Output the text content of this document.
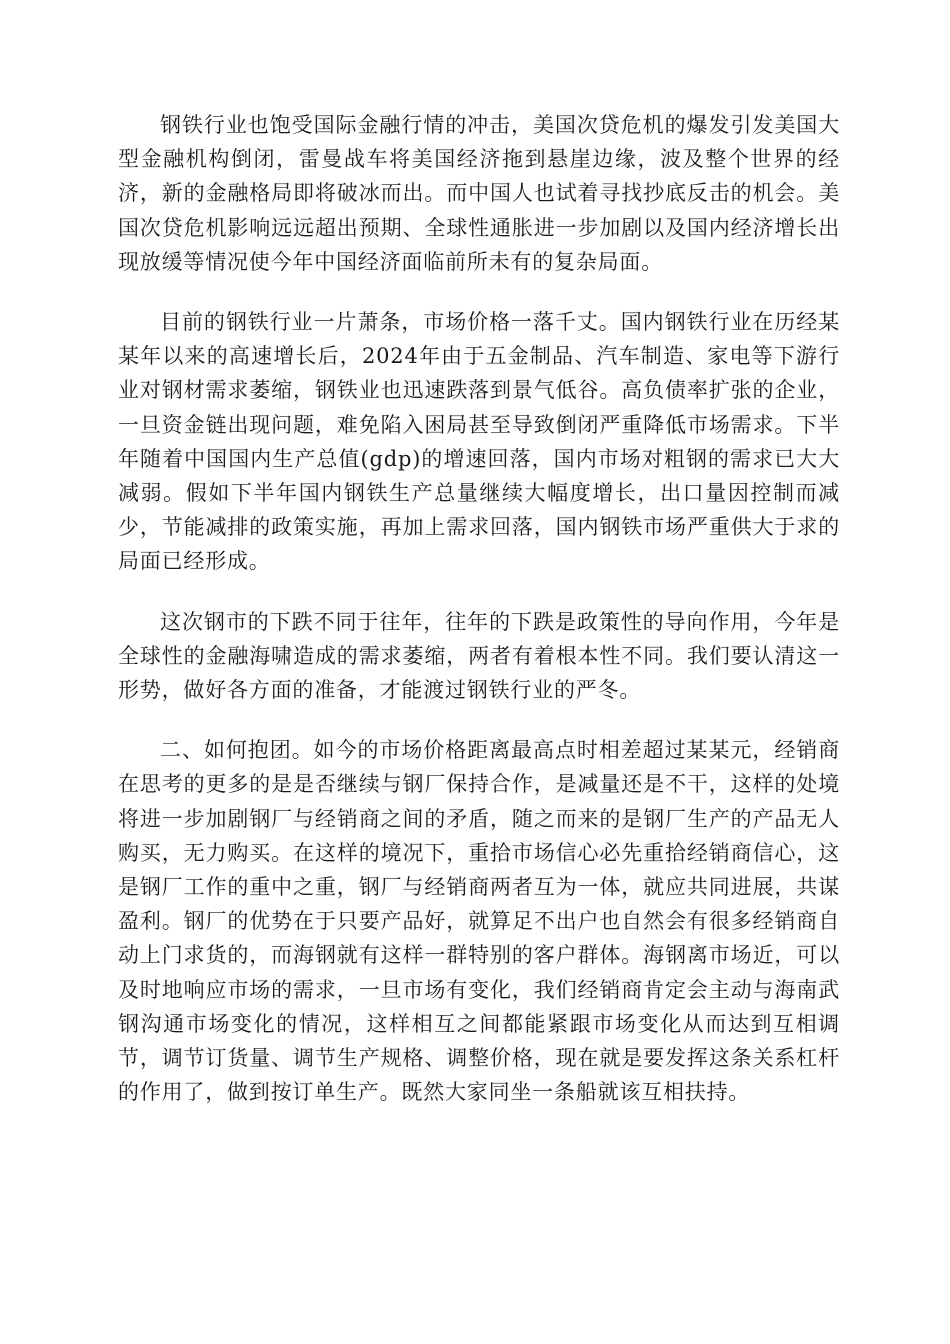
钢铁行业也饱受国际金融行情的冲击，美国次贷危机的爆发引发美国大型金融机构倒闭，雷曼战车将美国经济拖到悬崖边缘，波及整个世界的经济，新的金融格局即将破冰而出。而中国人也试着寻找抄底反击的机会。美国次贷危机影响远远超出预期、全球性通胀进一步加剧以及国内经济增长出现放缓等情况使今年中国经济面临前所未有的复杂局面。

目前的钢铁行业一片萧条，市场价格一落千丈。国内钢铁行业在历经某某年以来的高速增长后，2024年由于五金制品、汽车制造、家电等下游行业对钢材需求萎缩，钢铁业也迅速跌落到景气低谷。高负债率扩张的企业，一旦资金链出现问题，难免陷入困局甚至导致倒闭严重降低市场需求。下半年随着中国国内生产总值(gdp)的增速回落，国内市场对粗钢的需求已大大减弱。假如下半年国内钢铁生产总量继续大幅度增长，出口量因控制而减少，节能减排的政策实施，再加上需求回落，国内钢铁市场严重供大于求的局面已经形成。

这次钢市的下跌不同于往年，往年的下跌是政策性的导向作用，今年是全球性的金融海啸造成的需求萎缩，两者有着根本性不同。我们要认清这一形势，做好各方面的准备，才能渡过钢铁行业的严冬。

二、如何抱团。如今的市场价格距离最高点时相差超过某某元，经销商在思考的更多的是是否继续与钢厂保持合作，是减量还是不干，这样的处境将进一步加剧钢厂与经销商之间的矛盾，随之而来的是钢厂生产的产品无人购买，无力购买。在这样的境况下，重拾市场信心必先重拾经销商信心，这是钢厂工作的重中之重，钢厂与经销商两者互为一体，就应共同进展，共谋盈利。钢厂的优势在于只要产品好，就算足不出户也自然会有很多经销商自动上门求货的，而海钢就有这样一群特别的客户群体。海钢离市场近，可以及时地响应市场的需求，一旦市场有变化，我们经销商肯定会主动与海南武钢沟通市场变化的情况，这样相互之间都能紧跟市场变化从而达到互相调节，调节订货量、调节生产规格、调整价格，现在就是要发挥这条关系杠杆的作用了，做到按订单生产。既然大家同坐一条船就该互相扶持。
